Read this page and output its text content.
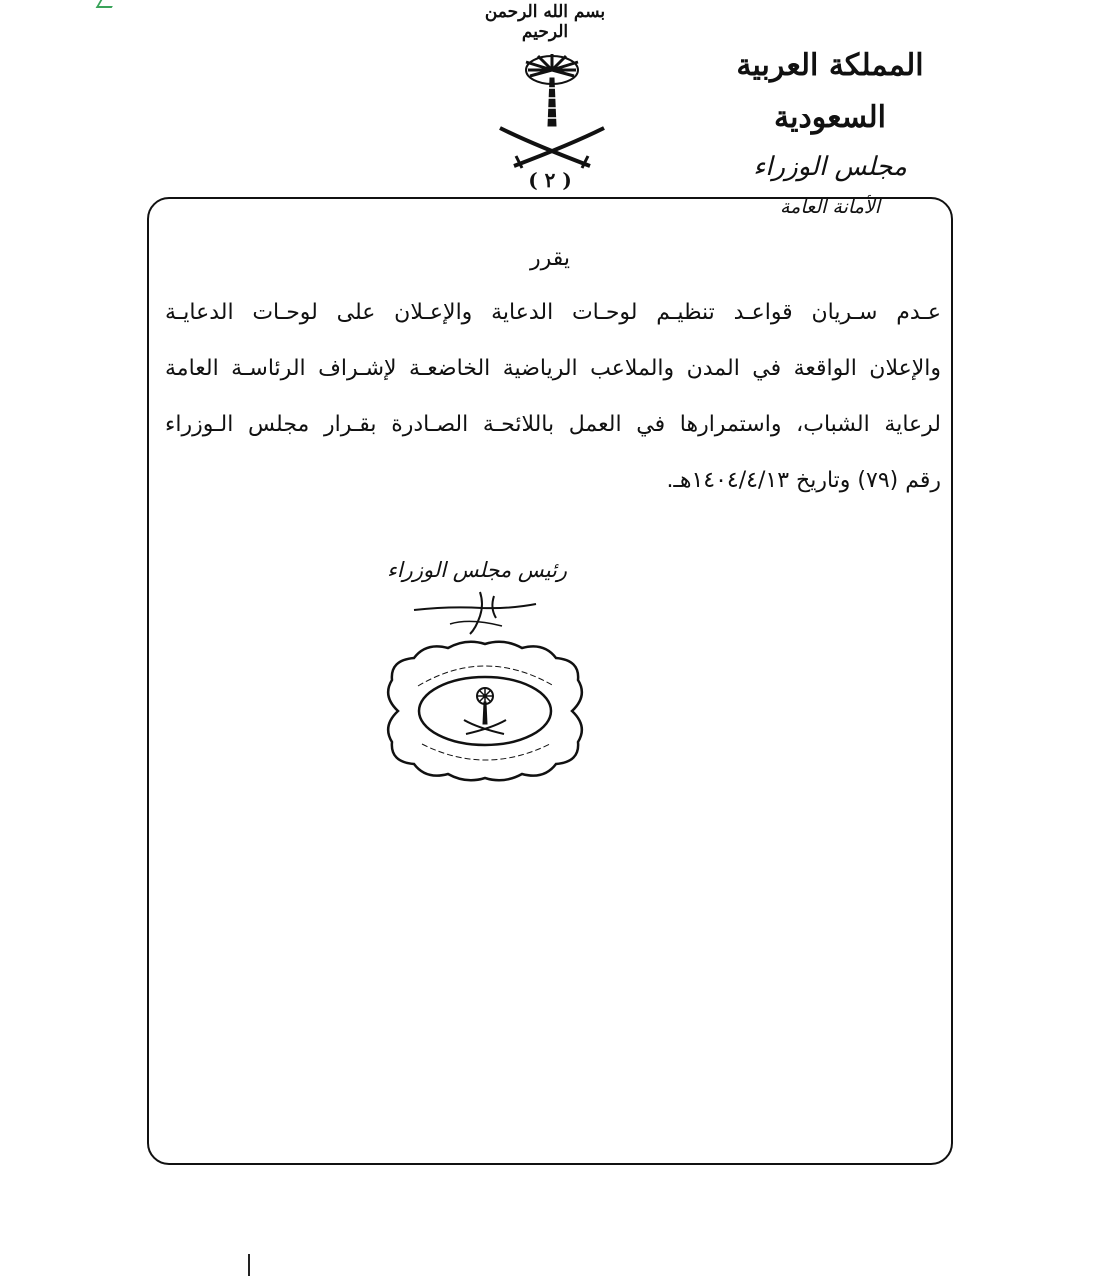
بسم الله الرحمن الرحيم
( ٢ )
المملكة العربية السعودية
مجلس الوزراء
الأمانة العامة
يقرر
عـدم سـريان قواعـد تنظيـم لوحـات الدعاية والإعـلان على لوحـات الدعايـة
والإعلان الواقعة في المدن والملاعب الرياضية الخاضعـة لإشـراف الرئاسـة العامة
لرعاية الشباب، واستمرارها في العمل باللائحـة الصـادرة بقـرار مجلس الـوزراء
رقم (٧٩) وتاريخ ١٤٠٤/٤/١٣هـ.
رئيس مجلس الوزراء
